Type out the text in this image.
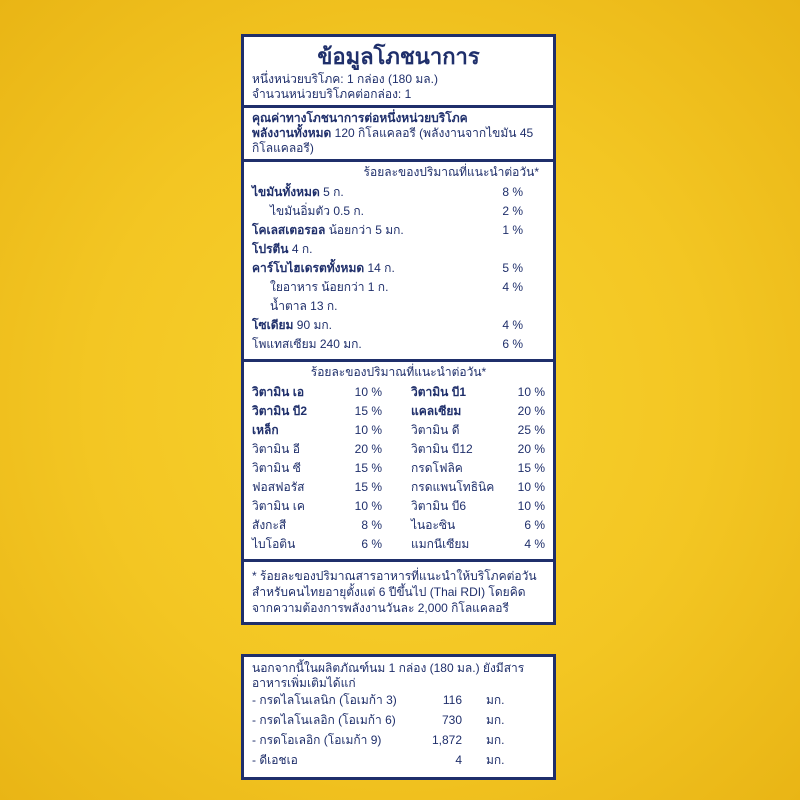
ข้อมูลโภชนาการ
หนึ่งหน่วยบริโภค: 1 กล่อง (180 มล.)
จำนวนหน่วยบริโภคต่อกล่อง: 1
คุณค่าทางโภชนาการต่อหนึ่งหน่วยบริโภค
พลังงานทั้งหมด 120 กิโลแคลอรี (พลังงานจากไขมัน 45 กิโลแคลอรี)
ร้อยละของปริมาณที่แนะนำต่อวัน*
ไขมันทั้งหมด 5 ก.	8 %
ไขมันอิ่มตัว 0.5 ก.	2 %
โคเลสเตอรอล น้อยกว่า 5 มก.	1 %
โปรตีน 4 ก.
คาร์โบไฮเดรตทั้งหมด 14 ก.	5 %
ใยอาหาร น้อยกว่า 1 ก.	4 %
น้ำตาล 13 ก.
โซเดียม 90 มก.	4 %
โพแทสเซียม 240 มก.	6 %
ร้อยละของปริมาณที่แนะนำต่อวัน*
วิตามิน เอ	10 % วิตามิน บี1	10 %
วิตามิน บี2	15 % แคลเซียม	20 %
เหล็ก	10 % วิตามิน ดี	25 %
วิตามิน อี	20 % วิตามิน บี12	20 %
วิตามิน ซี	15 % กรดโฟลิค	15 %
ฟอสฟอรัส	15 % กรดแพนโทธินิค	10 %
วิตามิน เค	10 % วิตามิน บี6	10 %
สังกะสี	8 % ไนอะซิน	6 %
ไบโอติน	6 % แมกนีเซียม	4 %
* ร้อยละของปริมาณสารอาหารที่แนะนำให้บริโภคต่อวันสำหรับคนไทยอายุตั้งแต่ 6 ปีขึ้นไป (Thai RDI) โดยคิดจากความต้องการพลังงานวันละ 2,000 กิโลแคลอรี
นอกจากนี้ในผลิตภัณฑ์นม 1 กล่อง (180 มล.) ยังมีสารอาหารเพิ่มเติมได้แก่
- กรดไลโนเลนิก (โอเมก้า 3)	116	มก.
- กรดไลโนเลอิก (โอเมก้า 6)	730	มก.
- กรดโอเลอิก (โอเมก้า 9)	1,872	มก.
- ดีเอชเอ	4	มก.
